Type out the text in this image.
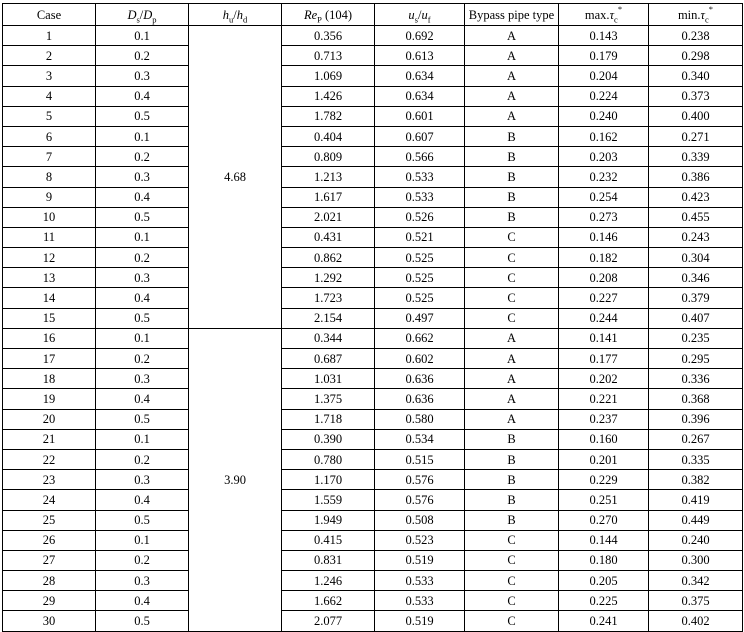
Case	$D_s/D_p$	$h_u/h_d$	$Re_P$ (104)	$u_s/u_f$	Bypass pipe type	$\max.\tau_c^*$	$\min.\tau_c^*$
1	0.1	4.68	0.356	0.692	A	0.143	0.238
2	0.2		0.713	0.613	A	0.179	0.298
3	0.3		1.069	0.634	A	0.204	0.340
4	0.4		1.426	0.634	A	0.224	0.373
5	0.5		1.782	0.601	A	0.240	0.400
6	0.1		0.404	0.607	B	0.162	0.271
7	0.2		0.809	0.566	B	0.203	0.339
8	0.3		1.213	0.533	B	0.232	0.386
9	0.4		1.617	0.533	B	0.254	0.423
10	0.5		2.021	0.526	B	0.273	0.455
11	0.1		0.431	0.521	C	0.146	0.243
12	0.2		0.862	0.525	C	0.182	0.304
13	0.3		1.292	0.525	C	0.208	0.346
14	0.4		1.723	0.525	C	0.227	0.379
15	0.5		2.154	0.497	C	0.244	0.407
16	0.1	3.90	0.344	0.662	A	0.141	0.235
17	0.2		0.687	0.602	A	0.177	0.295
18	0.3		1.031	0.636	A	0.202	0.336
19	0.4		1.375	0.636	A	0.221	0.368
20	0.5		1.718	0.580	A	0.237	0.396
21	0.1		0.390	0.534	B	0.160	0.267
22	0.2		0.780	0.515	B	0.201	0.335
23	0.3		1.170	0.576	B	0.229	0.382
24	0.4		1.559	0.576	B	0.251	0.419
25	0.5		1.949	0.508	B	0.270	0.449
26	0.1		0.415	0.523	C	0.144	0.240
27	0.2		0.831	0.519	C	0.180	0.300
28	0.3		1.246	0.533	C	0.205	0.342
29	0.4		1.662	0.533	C	0.225	0.375
30	0.5		2.077	0.519	C	0.241	0.402
